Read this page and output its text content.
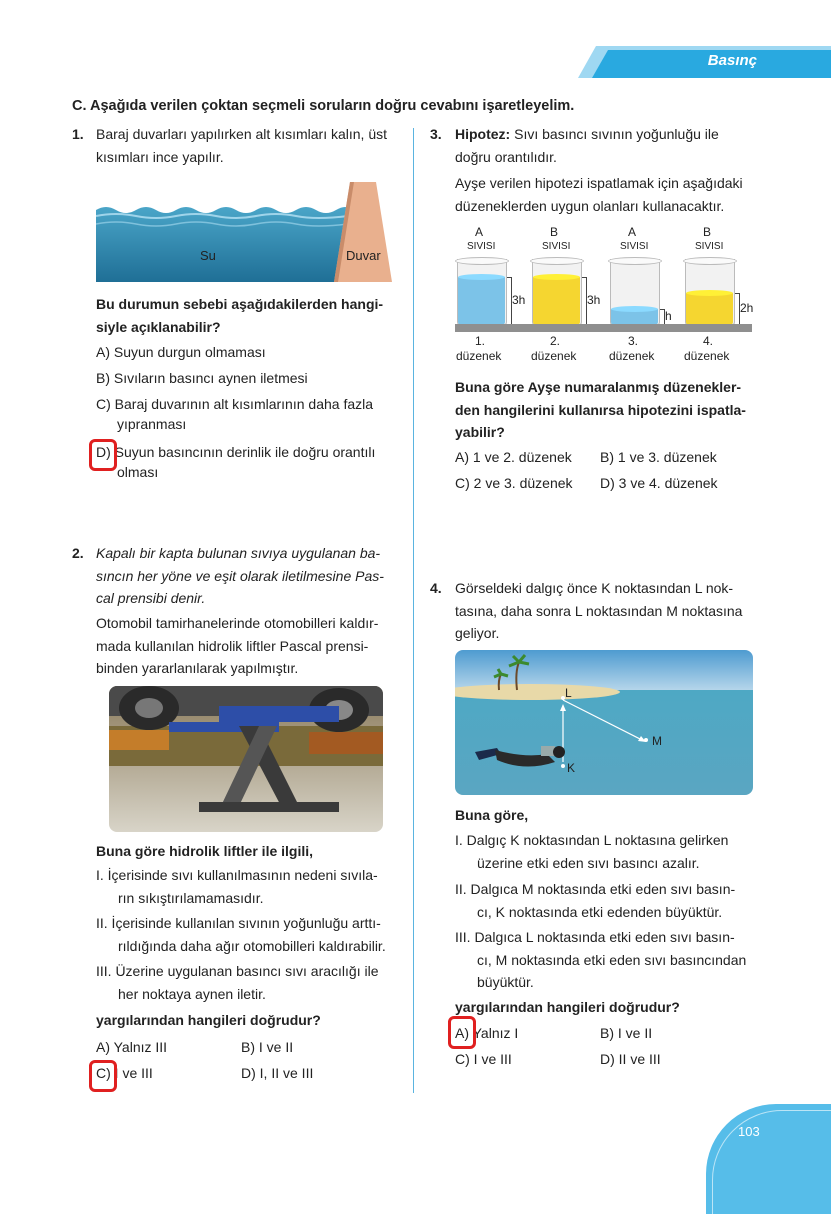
Basınç
C. Aşağıda verilen çoktan seçmeli soruların doğru cevabını işaretleyelim.
1. Baraj duvarları yapılırken alt kısımları kalın, üst
kısımları ince yapılır.
Su	Duvar
Bu durumun sebebi aşağıdakilerden hangi-
siyle açıklanabilir?
A) Suyun durgun olmaması
B) Sıvıların basıncı aynen iletmesi
C) Baraj duvarının alt kısımlarının daha fazla
yıpranması
D) Suyun basıncının derinlik ile doğru orantılı
olması
2. Kapalı bir kapta bulunan sıvıya uygulanan ba-
sıncın her yöne ve eşit olarak iletilmesine Pas-
cal prensibi denir.
Otomobil tamirhanelerinde otomobilleri kaldır-
mada kullanılan hidrolik liftler Pascal prensi-
binden yararlanılarak yapılmıştır.
Buna göre hidrolik liftler ile ilgili,
I. İçerisinde sıvı kullanılmasının nedeni sıvıla-
rın sıkıştırılamamasıdır.
II. İçerisinde kullanılan sıvının yoğunluğu arttı-
rıldığında daha ağır otomobilleri kaldırabilir.
III. Üzerine uygulanan basıncı sıvı aracılığı ile
her noktaya aynen iletir.
yargılarından hangileri doğrudur?
A) Yalnız III	B) I ve II
C) I ve III	D) I, II ve III
3. Hipotez: Sıvı basıncı sıvının yoğunluğu ile
doğru orantılıdır.
Ayşe verilen hipotezi ispatlamak için aşağıdaki
düzeneklerden uygun olanları kullanacaktır.
A
SIVISI
3h
1.
düzenek
B
SIVISI
3h
2.
düzenek
A
SIVISI
h
3.
düzenek
B
SIVISI
2h
4.
düzenek
Buna göre Ayşe numaralanmış düzenekler-
den hangilerini kullanırsa hipotezini ispatla-
yabilir?
A) 1 ve 2. düzenek B) 1 ve 3. düzenek
C) 2 ve 3. düzenek D) 3 ve 4. düzenek
4. Görseldeki dalgıç önce K noktasından L nok-
tasına, daha sonra L noktasından M noktasına
geliyor.
L
M
K
Buna göre,
I. Dalgıç K noktasından L noktasına gelirken
üzerine etki eden sıvı basıncı azalır.
II. Dalgıca M noktasında etki eden sıvı basın-
cı, K noktasında etki edenden büyüktür.
III. Dalgıca L noktasında etki eden sıvı basın-
cı, M noktasında etki eden sıvı basıncından
büyüktür.
yargılarından hangileri doğrudur?
A) Yalnız I	B) I ve II
C) I ve III	D) II ve III
103
